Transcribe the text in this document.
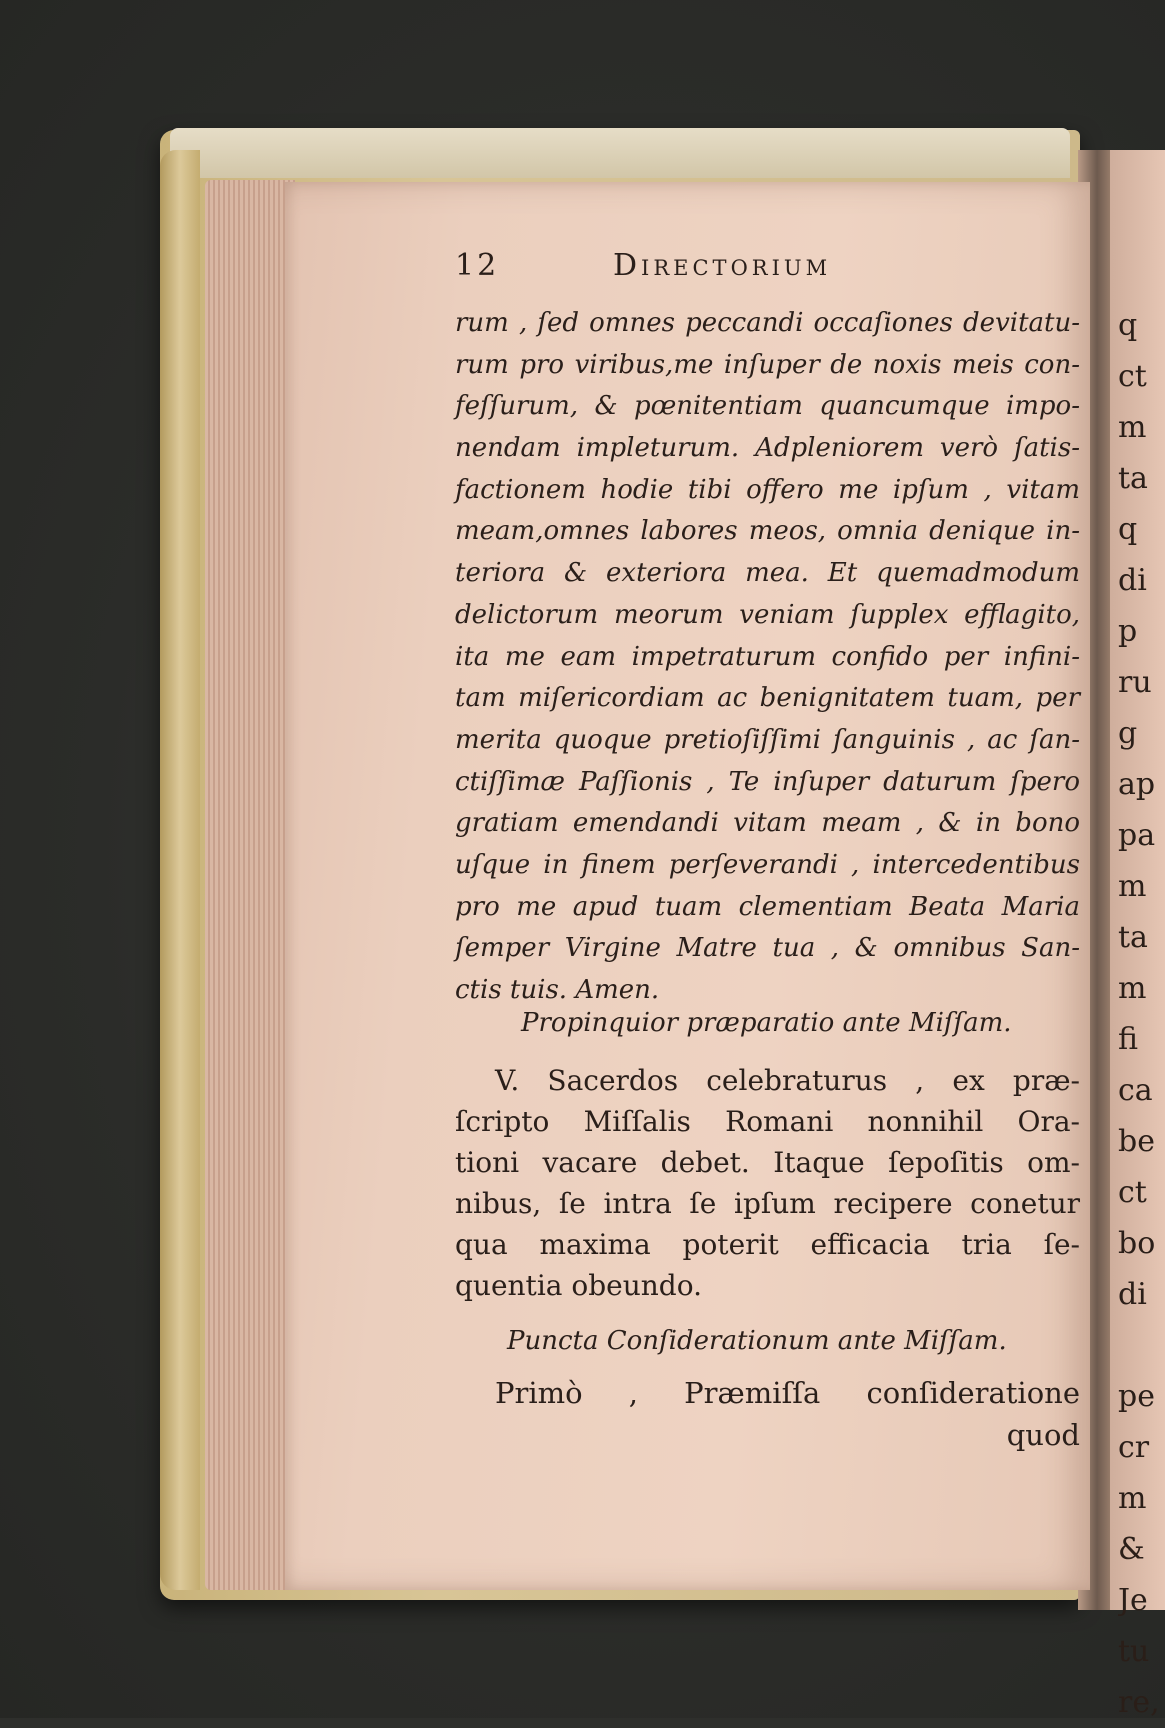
q
ct
m
ta
q
di
p
ru
g
ap
pa
m
ta
m
fi
ca
be
ct
bo
di
pe
cr
m
&
Je
tu
re,
12	Directorium
rum , ſed omnes peccandi occaſiones devitatu-
rum pro viribus,me inſuper de noxis meis con-
feſſurum, & pœnitentiam quancumque impo-
nendam impleturum. Adpleniorem verò ſatis-
factionem hodie tibi offero me ipſum , vitam
meam,omnes labores meos, omnia denique in-
teriora & exteriora mea. Et quemadmodum
delictorum meorum veniam ſupplex efflagito,
ita me eam impetraturum confido per infini-
tam miſericordiam ac benignitatem tuam, per
merita quoque pretioſiſſimi ſanguinis , ac ſan-
ctiſſimæ Paſſionis , Te inſuper daturum ſpero
gratiam emendandi vitam meam , & in bono
uſque in finem perſeverandi , intercedentibus
pro me apud tuam clementiam Beata Maria
ſemper Virgine Matre tua , & omnibus San-
ctis tuis. Amen.
Propinquior præparatio ante Miſſam.
V. Sacerdos celebraturus , ex præ-
ſcripto Miſſalis Romani nonnihil Ora-
tioni vacare debet. Itaque ſepoſitis om-
nibus, ſe intra ſe ipſum recipere conetur
qua maxima poterit efficacia tria ſe-
quentia obeundo.
Puncta Conſiderationum ante Miſſam.
Primò , Præmiſſa conſideratione
quod
